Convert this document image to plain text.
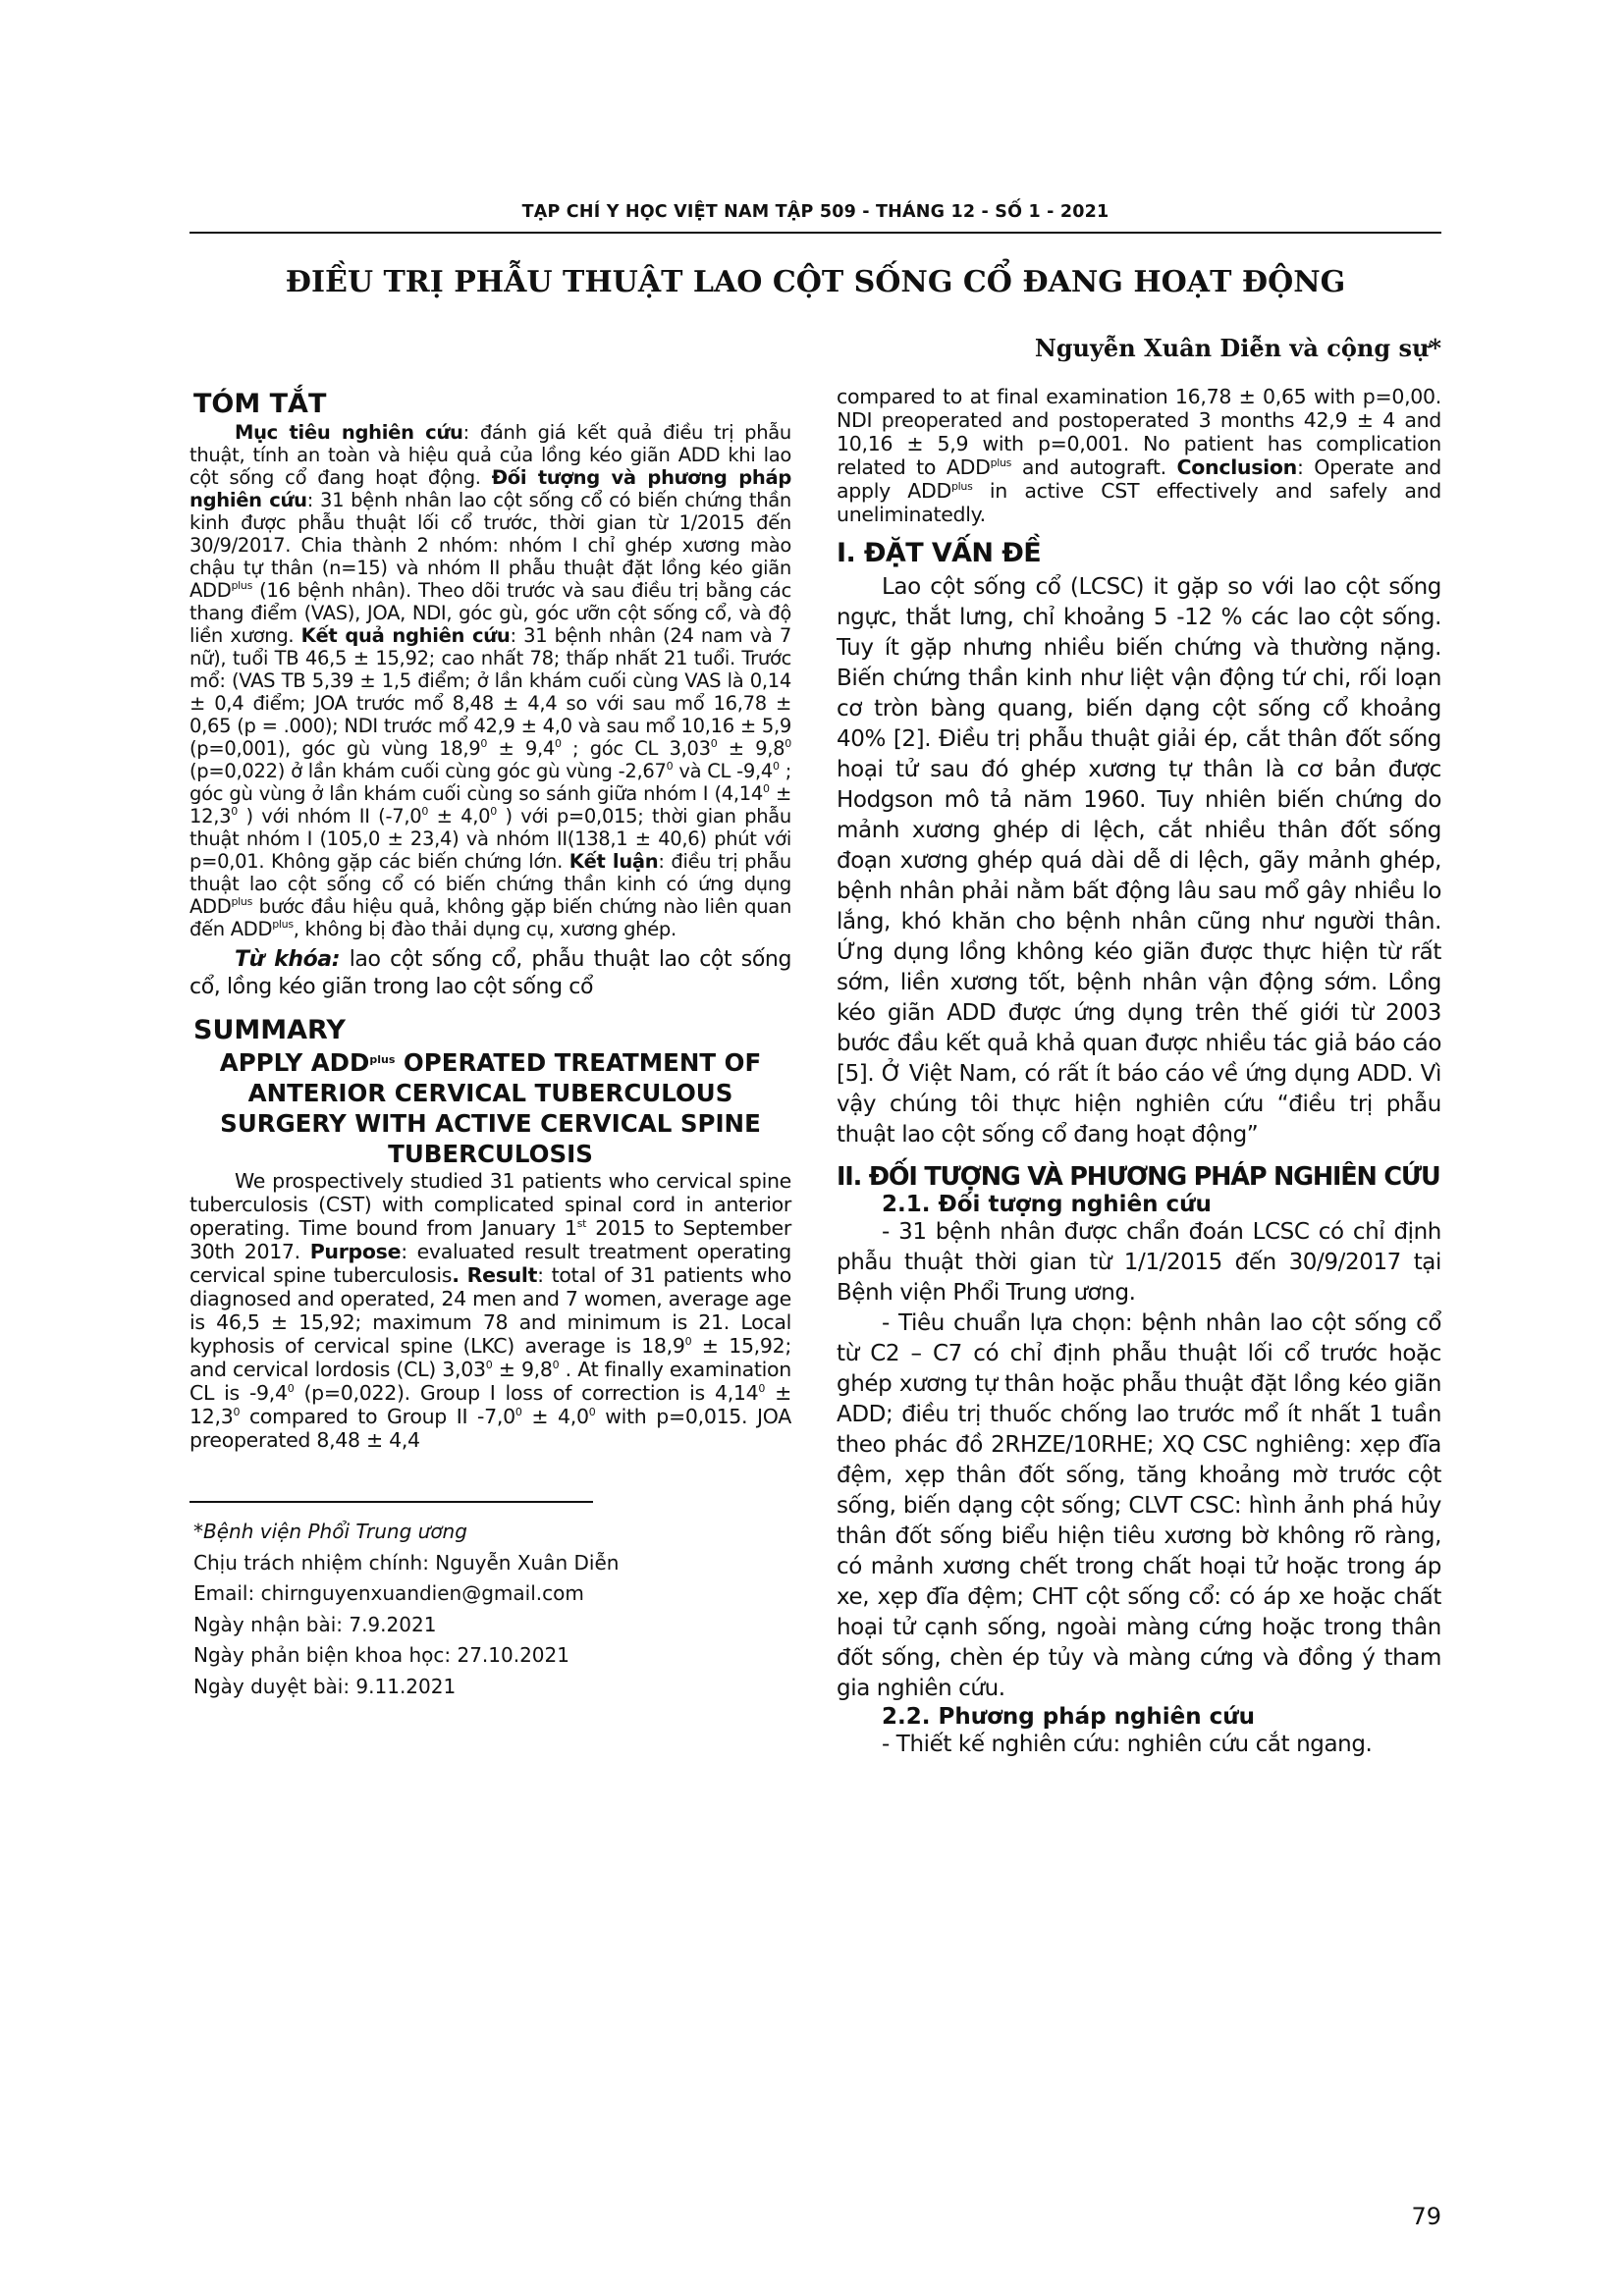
TẠP CHÍ Y HỌC VIỆT NAM TẬP 509 - THÁNG 12 - SỐ 1 - 2021
ĐIỀU TRỊ PHẪU THUẬT LAO CỘT SỐNG CỔ ĐANG HOẠT ĐỘNG
Nguyễn Xuân Diễn và cộng sự*
TÓM TẮT

Mục tiêu nghiên cứu: đánh giá kết quả điều trị phẫu thuật, tính an toàn và hiệu quả của lồng kéo giãn ADD khi lao cột sống cổ đang hoạt động. Đối tượng và phương pháp nghiên cứu: 31 bệnh nhân lao cột sống cổ có biến chứng thần kinh được phẫu thuật lối cổ trước, thời gian từ 1/2015 đến 30/9/2017. Chia thành 2 nhóm: nhóm I chỉ ghép xương mào chậu tự thân (n=15) và nhóm II phẫu thuật đặt lồng kéo giãn $ADD^{plus}$ (16 bệnh nhân). Theo dõi trước và sau điều trị bằng các thang điểm (VAS), JOA, NDI, góc gù, góc ưỡn cột sống cổ, và độ liền xương. Kết quả nghiên cứu: 31 bệnh nhân (24 nam và 7 nữ), tuổi TB 46,5 ± 15,92; cao nhất 78; thấp nhất 21 tuổi. Trước mổ: (VAS TB 5,39 ± 1,5 điểm; ở lần khám cuối cùng VAS là 0,14 ± 0,4 điểm; JOA trước mổ 8,48 ± 4,4 so với sau mổ 16,78 ± 0,65 (p = .000); NDI trước mổ 42,9 ± 4,0 và sau mổ 10,16 ± 5,9 (p=0,001), góc gù vùng $18,9^0 \pm 9,4^0$ ; góc CL $3,03^0 \pm 9,8^0$ (p=0,022) ở lần khám cuối cùng góc gù vùng -2,67$^0$ và CL $-9,4^0$ ; góc gù vùng ở lần khám cuối cùng so sánh giữa nhóm I ($4,14^0 \pm 12,3^0$ ) với nhóm II ($-7,0^0 \pm 4,0^0$ ) với p=0,015; thời gian phẫu thuật nhóm I (105,0 ± 23,4) và nhóm II(138,1 ± 40,6) phút với p=0,01. Không gặp các biến chứng lớn. Kết luận: điều trị phẫu thuật lao cột sống cổ có biến chứng thần kinh có ứng dụng $ADD^{plus}$ bước đầu hiệu quả, không gặp biến chứng nào liên quan đến $ADD^{plus}$, không bị đào thải dụng cụ, xương ghép.

Từ khóa: lao cột sống cổ, phẫu thuật lao cột sống cổ, lồng kéo giãn trong lao cột sống cổ

SUMMARY
APPLY $ADD^{plus}$ OPERATED TREATMENT OF ANTERIOR CERVICAL TUBERCULOUS SURGERY WITH ACTIVE CERVICAL SPINE TUBERCULOSIS

We prospectively studied 31 patients who cervical spine tuberculosis (CST) with complicated spinal cord in anterior operating. Time bound from January 1st 2015 to September 30th 2017. Purpose: evaluated result treatment operating cervical spine tuberculosis. Result: total of 31 patients who diagnosed and operated, 24 men and 7 women, average age is 46,5 ± 15,92; maximum 78 and minimum is 21. Local kyphosis of cervical spine (LKC) average is $18,9^0 \pm 15,92$; and cervical lordosis (CL) $3,03^0 \pm 9,8^0$ . At finally examination CL is $-9,4^0$ (p=0,022). Group I loss of correction is $4,14^0 \pm 12,3^0$ compared to Group II $-7,0^0 \pm 4,0^0$ with p=0,015. JOA preoperated 8,48 ± 4,4

*Bệnh viện Phổi Trung ương
Chịu trách nhiệm chính: Nguyễn Xuân Diễn
Email: chirnguyenxuandien@gmail.com
Ngày nhận bài: 7.9.2021
Ngày phản biện khoa học: 27.10.2021
Ngày duyệt bài: 9.11.2021

compared to at final examination 16,78 ± 0,65 with p=0,00. NDI preoperated and postoperated 3 months 42,9 ± 4 and 10,16 ± 5,9 with p=0,001. No patient has complication related to $ADD^{plus}$ and autograft. Conclusion: Operate and apply $ADD^{plus}$ in active CST effectively and safely and uneliminatedly.

I. ĐẶT VẤN ĐỀ

Lao cột sống cổ (LCSC) it gặp so với lao cột sống ngực, thắt lưng, chỉ khoảng 5 -12 % các lao cột sống. Tuy ít gặp nhưng nhiều biến chứng và thường nặng. Biến chứng thần kinh như liệt vận động tứ chi, rối loạn cơ tròn bàng quang, biến dạng cột sống cổ khoảng 40% [2]. Điều trị phẫu thuật giải ép, cắt thân đốt sống hoại tử sau đó ghép xương tự thân là cơ bản được Hodgson mô tả năm 1960. Tuy nhiên biến chứng do mảnh xương ghép di lệch, cắt nhiều thân đốt sống đoạn xương ghép quá dài dễ di lệch, gãy mảnh ghép, bệnh nhân phải nằm bất động lâu sau mổ gây nhiều lo lắng, khó khăn cho bệnh nhân cũng như người thân. Ứng dụng lồng không kéo giãn được thực hiện từ rất sớm, liền xương tốt, bệnh nhân vận động sớm. Lồng kéo giãn ADD được ứng dụng trên thế giới từ 2003 bước đầu kết quả khả quan được nhiều tác giả báo cáo [5]. Ở Việt Nam, có rất ít báo cáo về ứng dụng ADD. Vì vậy chúng tôi thực hiện nghiên cứu “điều trị phẫu thuật lao cột sống cổ đang hoạt động”

II. ĐỐI TƯỢNG VÀ PHƯƠNG PHÁP NGHIÊN CỨU
2.1. Đối tượng nghiên cứu

- 31 bệnh nhân được chẩn đoán LCSC có chỉ định phẫu thuật thời gian từ 1/1/2015 đến 30/9/2017 tại Bệnh viện Phổi Trung ương.

- Tiêu chuẩn lựa chọn: bệnh nhân lao cột sống cổ từ C2 – C7 có chỉ định phẫu thuật lối cổ trước hoặc ghép xương tự thân hoặc phẫu thuật đặt lồng kéo giãn ADD; điều trị thuốc chống lao trước mổ ít nhất 1 tuần theo phác đồ 2RHZE/10RHE; XQ CSC nghiêng: xẹp đĩa đệm, xẹp thân đốt sống, tăng khoảng mờ trước cột sống, biến dạng cột sống; CLVT CSC: hình ảnh phá hủy thân đốt sống biểu hiện tiêu xương bờ không rõ ràng, có mảnh xương chết trong chất hoại tử hoặc trong áp xe, xẹp đĩa đệm; CHT cột sống cổ: có áp xe hoặc chất hoại tử cạnh sống, ngoài màng cứng hoặc trong thân đốt sống, chèn ép tủy và màng cứng và đồng ý tham gia nghiên cứu.

2.2. Phương pháp nghiên cứu

- Thiết kế nghiên cứu: nghiên cứu cắt ngang.

79
